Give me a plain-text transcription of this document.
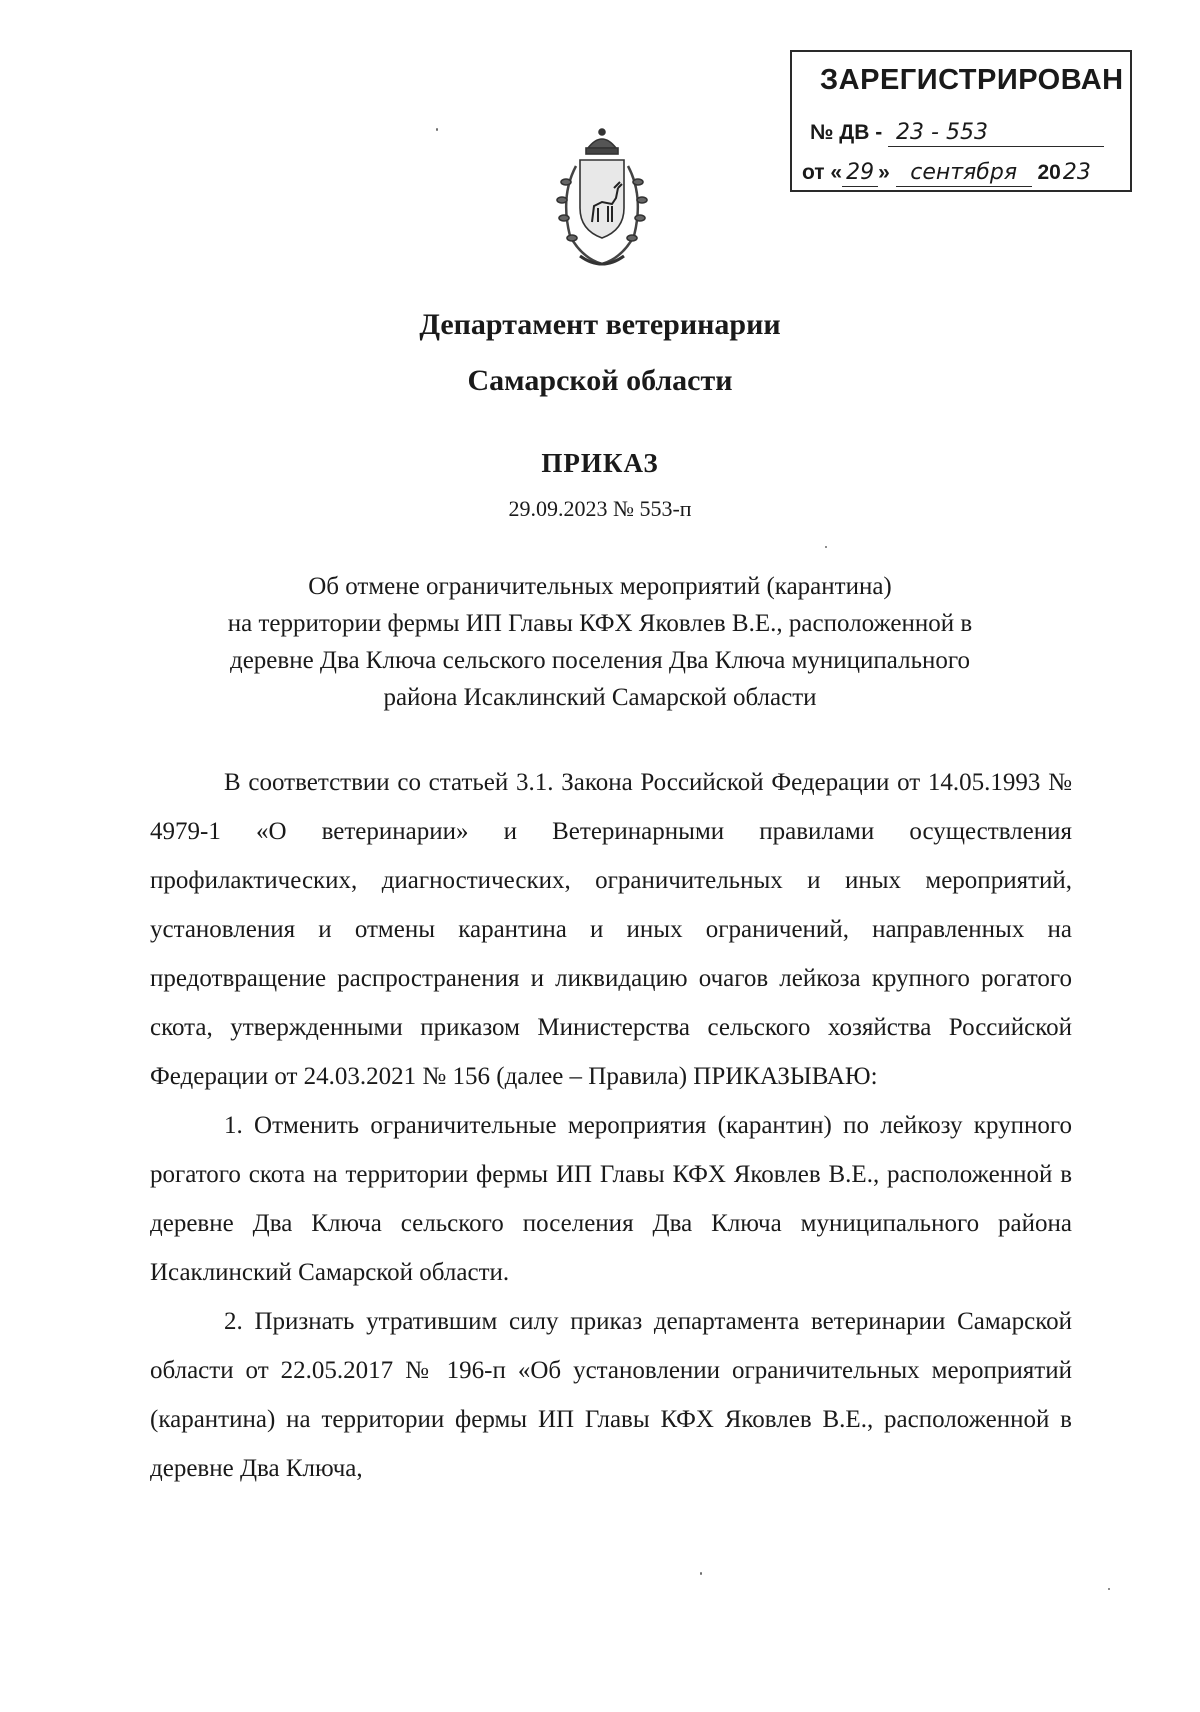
ЗАРЕГИСТРИРОВАН
№ ДВ - 23 - 553
от « 29 » сентября 2023
Департамент ветеринарии
Самарской области
ПРИКАЗ
29.09.2023 № 553-п
Об отмене ограничительных мероприятий (карантина)
на территории фермы ИП Главы КФХ Яковлев В.Е., расположенной в
деревне Два Ключа сельского поселения Два Ключа муниципального
района Исаклинский Самарской области

В соответствии со статьей 3.1. Закона Российской Федерации от 14.05.1993 № 4979-1 «О ветеринарии» и Ветеринарными правилами осуществления профилактических, диагностических, ограничительных и иных мероприятий, установления и отмены карантина и иных ограничений, направленных на предотвращение распространения и ликвидацию очагов лейкоза крупного рогатого скота, утвержденными приказом Министерства сельского хозяйства Российской Федерации от 24.03.2021 № 156 (далее – Правила) ПРИКАЗЫВАЮ:

1. Отменить ограничительные мероприятия (карантин) по лейкозу крупного рогатого скота на территории фермы ИП Главы КФХ Яковлев В.Е., расположенной в деревне Два Ключа сельского поселения Два Ключа муниципального района Исаклинский Самарской области.

2. Признать утратившим силу приказ департамента ветеринарии Самарской области от 22.05.2017 № 196-п «Об установлении ограничительных мероприятий (карантина) на территории фермы ИП Главы КФХ Яковлев В.Е., расположенной в деревне Два Ключа,
